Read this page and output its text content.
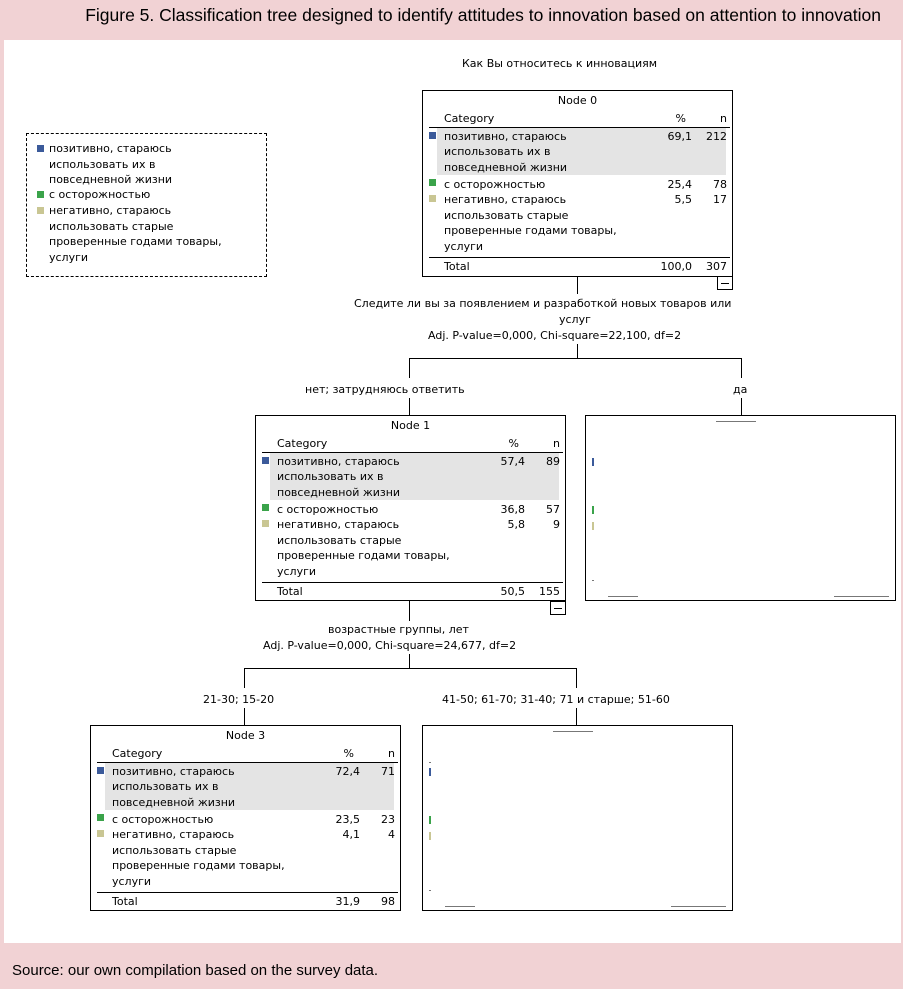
Figure 5. Classification tree designed to identify attitudes to innovation based on attention to innovation
Как Вы относитесь к инновациям
позитивно, стараюсь
использовать их в
повседневной жизни
с осторожностью
негативно, стараюсь
использовать старые
проверенные годами товары,
услуги
Node 0
Category	%	n
позитивно, стараюсь
использовать их в
повседневной жизни
69,1 212
с осторожностью	25,4 78
негативно, стараюсь
использовать старые
проверенные годами товары,
услуги
5,5 17
Total	100,0 307
Следите ли вы за появлением и разработкой новых товаров или
услуг
Adj. P-value=0,000, Chi-square=22,100, df=2
нет; затрудняюсь ответить	да
Node 1
Category	%	n
позитивно, стараюсь
использовать их в
повседневной жизни
57,4 89
с осторожностью	36,8 57
негативно, стараюсь
использовать старые
проверенные годами товары,
услуги
5,8	9
Total	50,5 155
возрастные группы, лет
Adj. P-value=0,000, Chi-square=24,677, df=2
21-30; 15-20	41-50; 61-70; 31-40; 71 и старше; 51-60
Node 3
Category	%	n
позитивно, стараюсь
использовать их в
повседневной жизни
72,4 71
с осторожностью	23,5 23
негативно, стараюсь
использовать старые
проверенные годами товары,
услуги
4,1	4
Total	31,9 98
Source: our own compilation based on the survey data.
